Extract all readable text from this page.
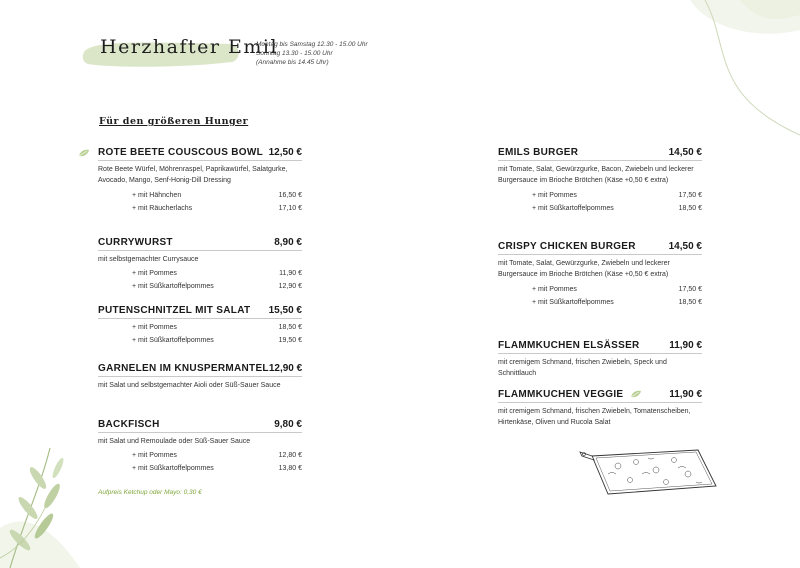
Herzhafter Emil
Montag bis Samstag 12.30 - 15.00 Uhr
Sonntag 13.30 - 15.00 Uhr
(Annahme bis 14.45 Uhr)
Für den größeren Hunger
ROTE BEETE COUSCOUS BOWL 12,50 €
Rote Beete Würfel, Möhrenraspel, Paprikawürfel, Salatgurke, Avocado, Mango, Senf-Honig-Dill Dressing
+ mit Hähnchen	16,50 €
+ mit Räucherlachs	17,10 €
CURRYWURST	8,90 €
mit selbstgemachter Currysauce
+ mit Pommes	11,90 €
+ mit Süßkartoffelpommes	12,90 €
PUTENSCHNITZEL MIT SALAT 15,50 €
+ mit Pommes	18,50 €
+ mit Süßkartoffelpommes	19,50 €
GARNELEN IM KNUSPERMANTEL 12,90 €
mit Salat und selbstgemachter Aioli oder Süß-Sauer Sauce
BACKFISCH	9,80 €
mit Salat und Remoulade oder Süß-Sauer Sauce
+ mit Pommes	12,80 €
+ mit Süßkartoffelpommes	13,80 €
Aufpreis Ketchup oder Mayo: 0,30 €
EMILS BURGER	14,50 €
mit Tomate, Salat, Gewürzgurke, Bacon, Zwiebeln und leckerer Burgersauce im Brioche Brötchen (Käse +0,50 € extra)
+ mit Pommes	17,50 €
+ mit Süßkartoffelpommes	18,50 €
CRISPY CHICKEN BURGER	14,50 €
mit Tomate, Salat, Gewürzgurke, Zwiebeln und leckerer Burgersauce im Brioche Brötchen (Käse +0,50 € extra)
+ mit Pommes	17,50 €
+ mit Süßkartoffelpommes	18,50 €
FLAMMKUCHEN ELSÄSSER	11,90 €
mit cremigem Schmand, frischen Zwiebeln, Speck und Schnittlauch
FLAMMKUCHEN VEGGIE	11,90 €
mit cremigem Schmand, frischen Zwiebeln, Tomatenscheiben, Hirtenkäse, Oliven und Rucola Salat
